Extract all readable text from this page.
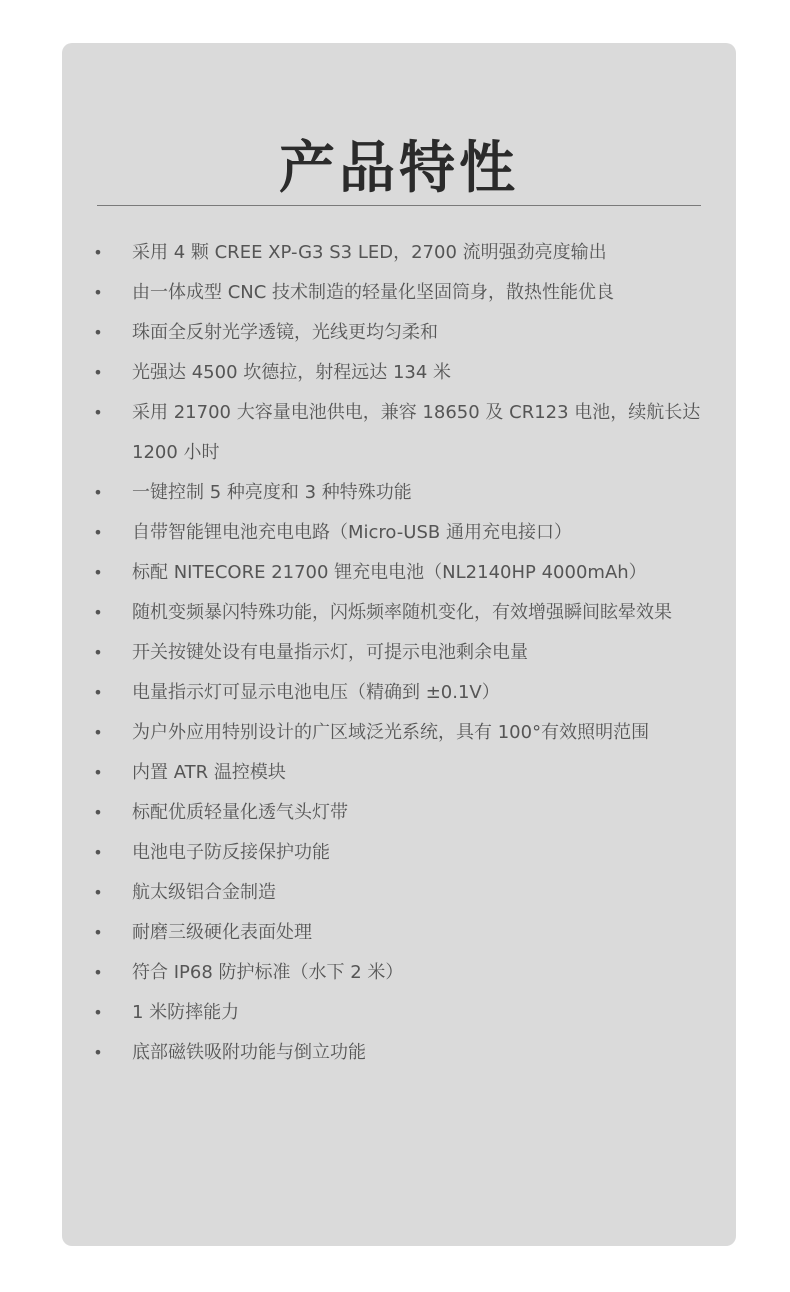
产品特性
• 采用 4 颗 CREE XP-G3 S3 LED，2700 流明强劲亮度输出
• 由一体成型 CNC 技术制造的轻量化坚固筒身，散热性能优良
• 珠面全反射光学透镜，光线更均匀柔和
• 光强达 4500 坎德拉，射程远达 134 米
• 采用 21700 大容量电池供电，兼容 18650 及 CR123 电池，续航长达 1200 小时
• 一键控制 5 种亮度和 3 种特殊功能
• 自带智能锂电池充电电路（Micro-USB 通用充电接口）
• 标配 NITECORE 21700 锂充电电池（NL2140HP 4000mAh）
• 随机变频暴闪特殊功能，闪烁频率随机变化，有效增强瞬间眩晕效果
• 开关按键处设有电量指示灯，可提示电池剩余电量
• 电量指示灯可显示电池电压（精确到 ±0.1V）
• 为户外应用特别设计的广区域泛光系统，具有 100°有效照明范围
• 内置 ATR 温控模块
• 标配优质轻量化透气头灯带
• 电池电子防反接保护功能
• 航太级铝合金制造
• 耐磨三级硬化表面处理
• 符合 IP68 防护标准（水下 2 米）
• 1 米防摔能力
• 底部磁铁吸附功能与倒立功能
